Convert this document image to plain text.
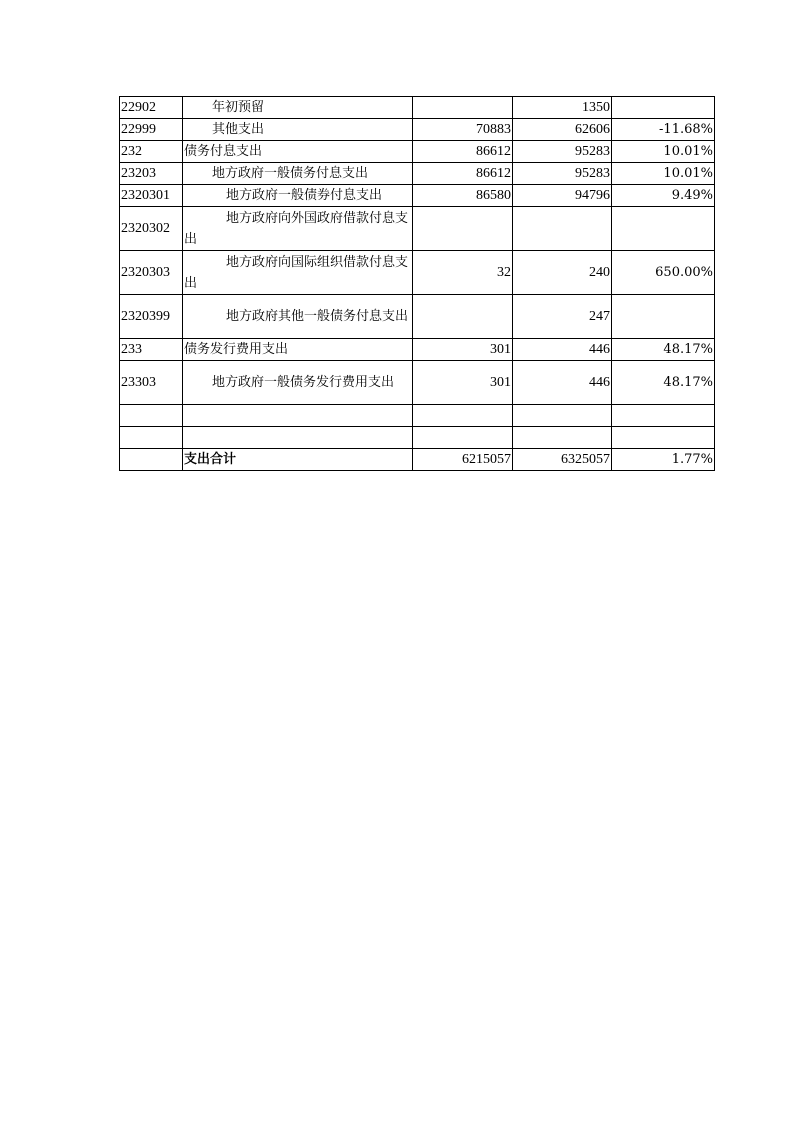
22902	年初预留		1350	
22999	其他支出	70883	62606	-11.68%
232	债务付息支出	86612	95283	10.01%
23203	地方政府一般债务付息支出	86612	95283	10.01%
2320301	地方政府一般债券付息支出	86580	94796	9.49%
2320302	地方政府向外国政府借款付息支出			
2320303	地方政府向国际组织借款付息支出	32	240	650.00%
2320399	地方政府其他一般债务付息支出		247	
233	债务发行费用支出	301	446	48.17%
23303	地方政府一般债务发行费用支出	301	446	48.17%

	支出合计	6215057	6325057	1.77%
